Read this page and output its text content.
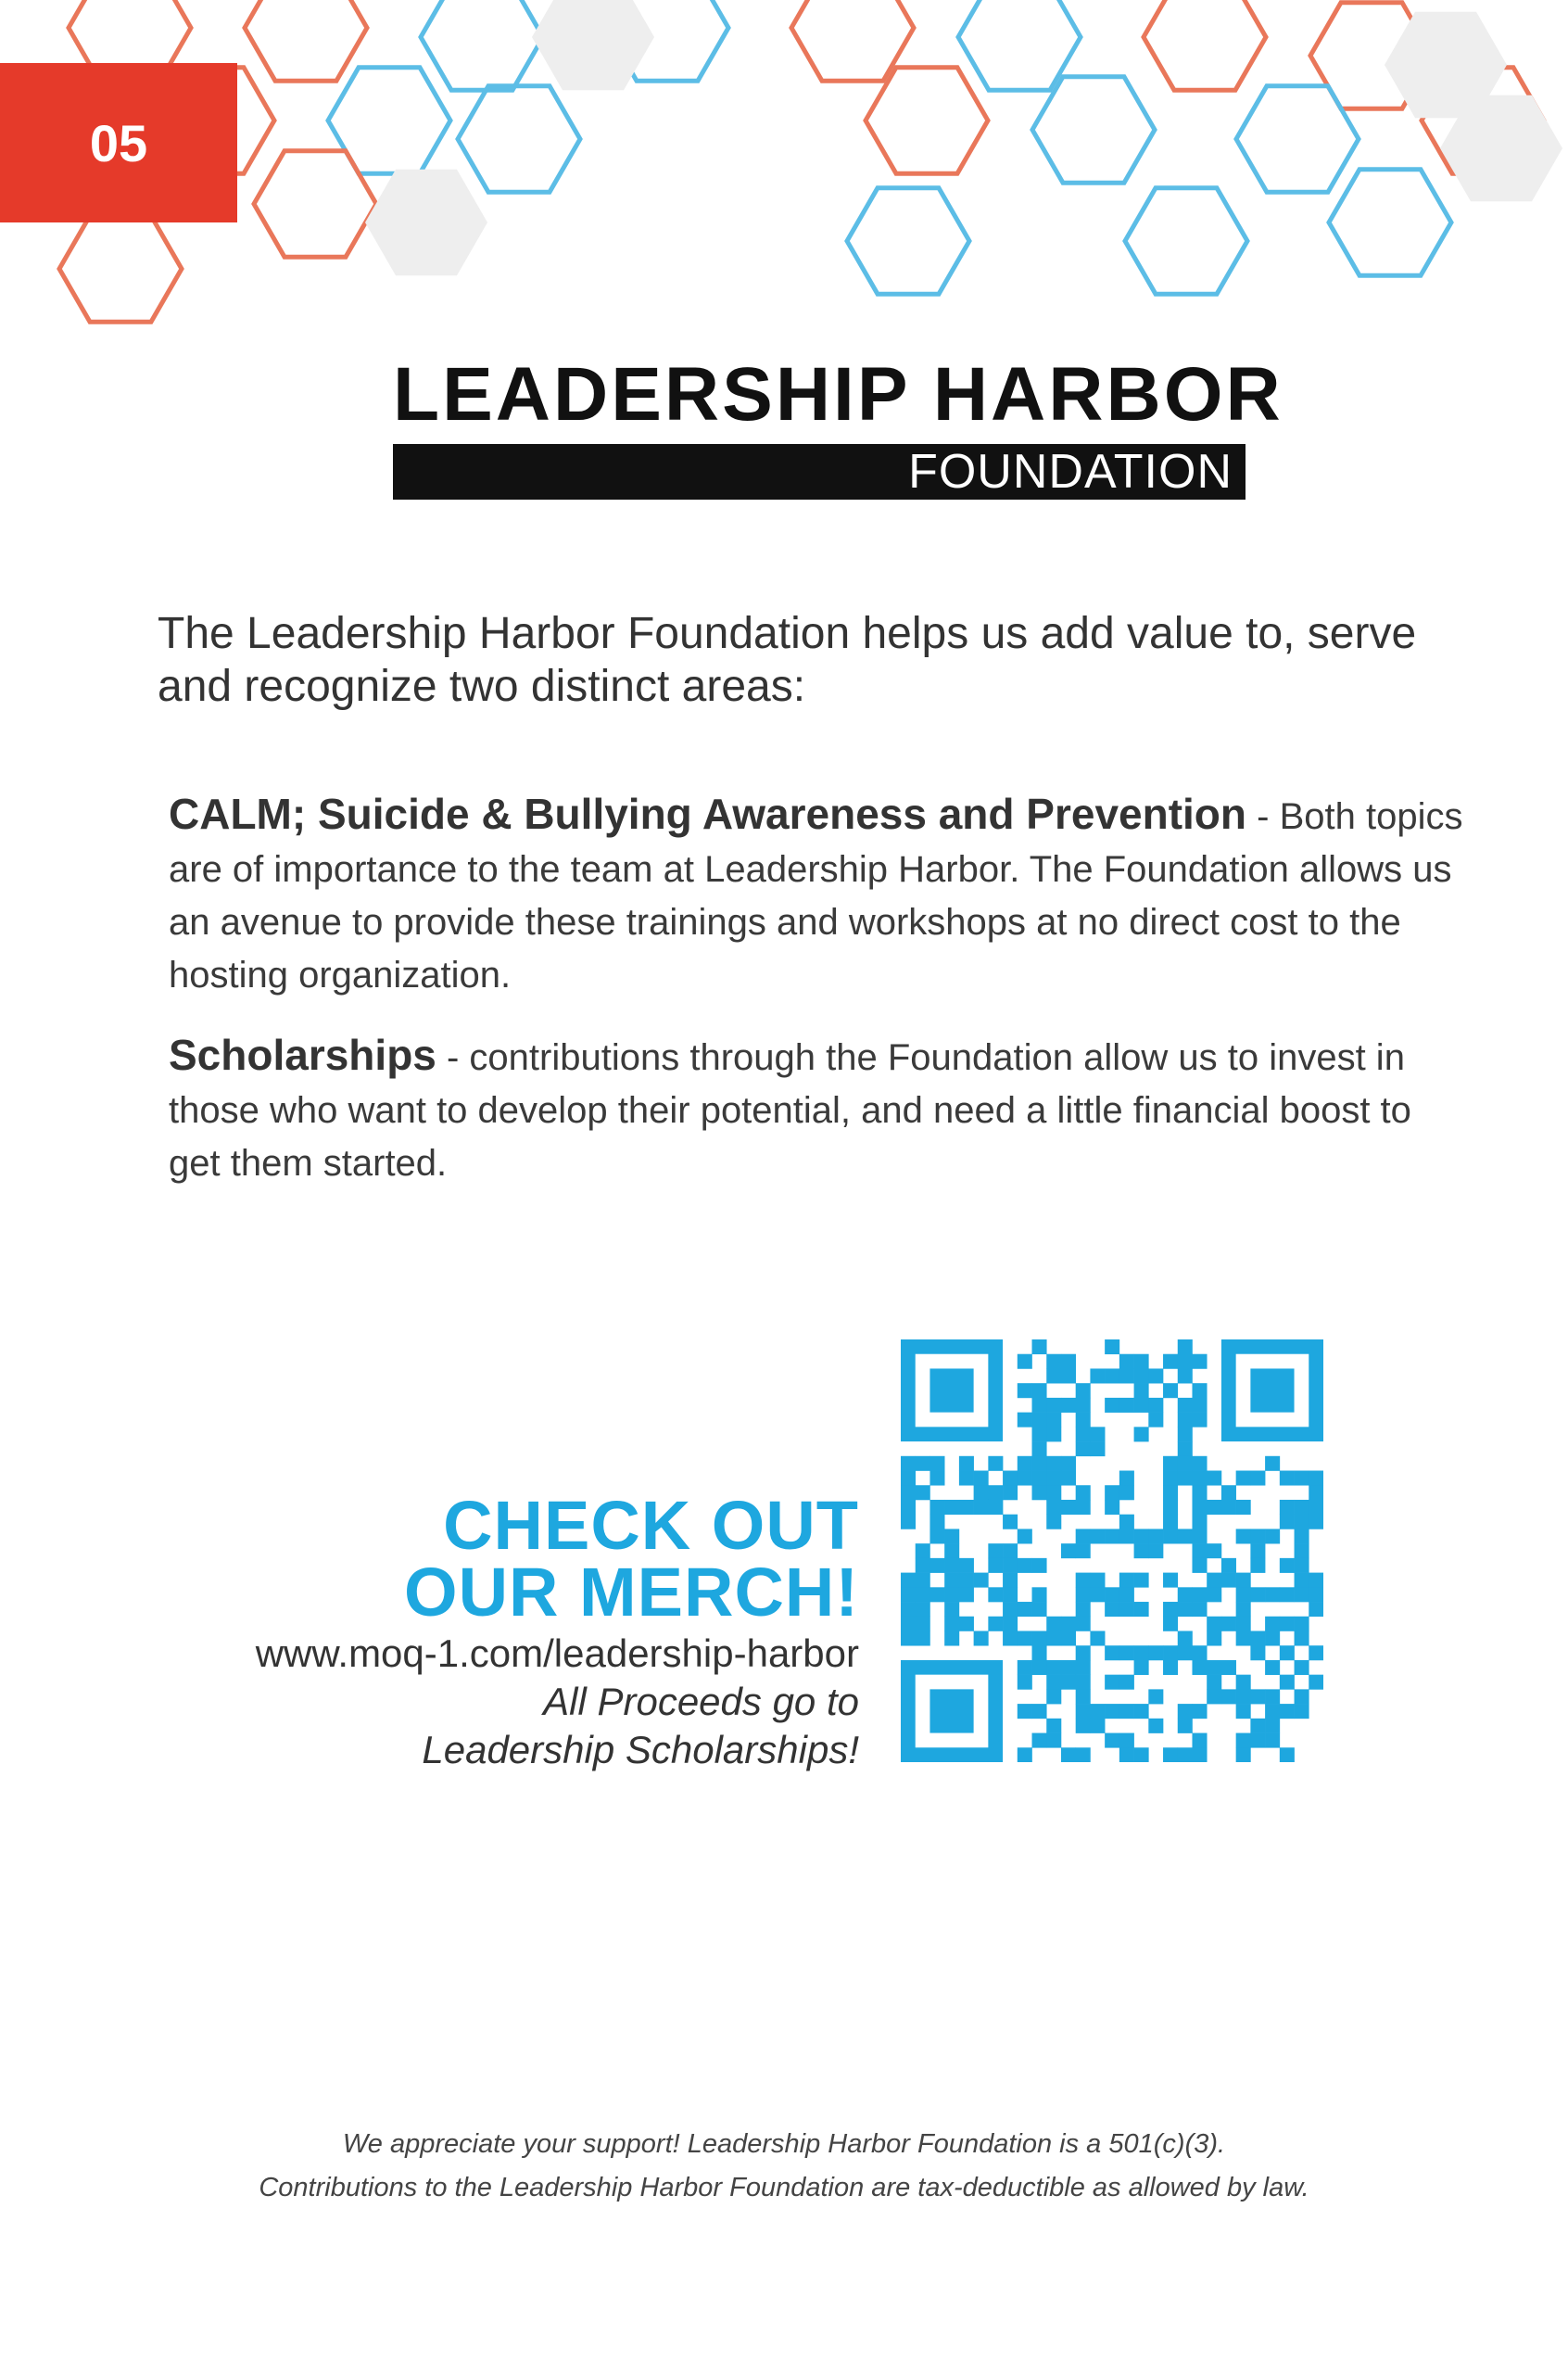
05
LEADERSHIP HARBOR
FOUNDATION
The Leadership Harbor Foundation helps us add value to, serve and recognize two distinct areas:
CALM; Suicide & Bullying Awareness and Prevention - Both topics are of importance to the team at Leadership Harbor. The Foundation allows us an avenue to provide these trainings and workshops at no direct cost to the hosting organization.
Scholarships - contributions through the Foundation allow us to invest in those who want to develop their potential, and need a little financial boost to get them started.
CHECK OUT
OUR MERCH!
www.moq-1.com/leadership-harbor
All Proceeds go to
Leadership Scholarships!
We appreciate your support! Leadership Harbor Foundation is a 501(c)(3).
Contributions to the Leadership Harbor Foundation are tax-deductible as allowed by law.
